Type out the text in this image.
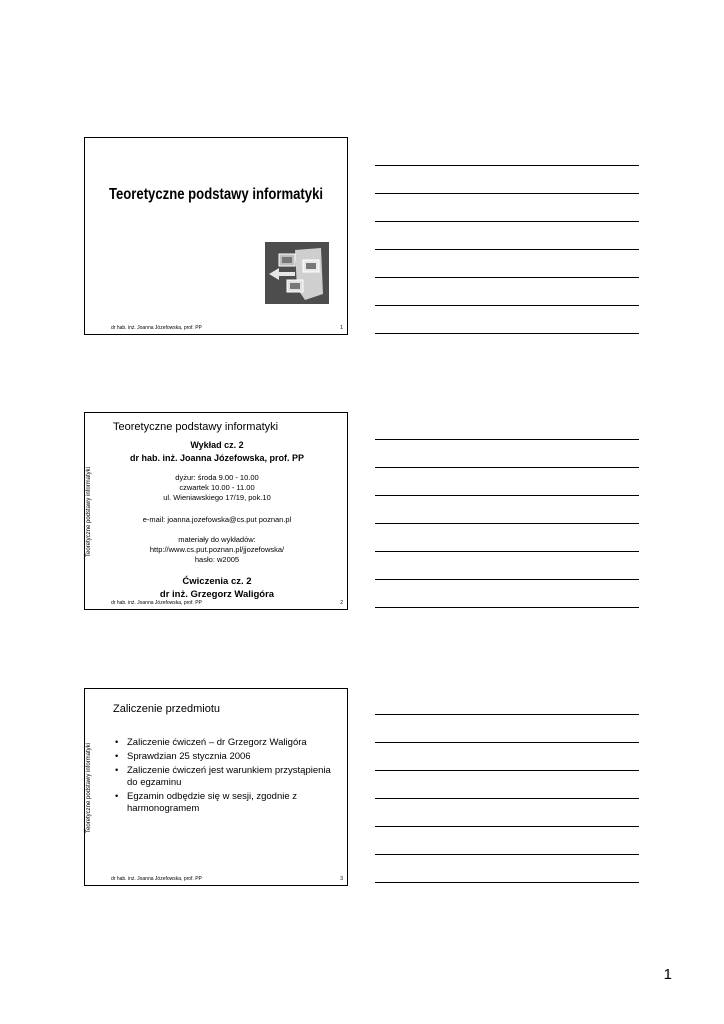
Teoretyczne podstawy informatyki
dr hab. inż. Joanna Józefowska, prof. PP	1
Teoretyczne podstawy informatyki
Teoretyczne podstawy informatyki
Wykład cz. 2
dr hab. inż. Joanna Józefowska, prof. PP
dyżur: środa 9.00 - 10.00
czwartek 10.00 - 11.00
ul. Wieniawskiego 17/19, pok.10
e-mail: joanna.jozefowska@cs.put poznan.pl
materiały do wykładów:
http://www.cs.put.poznan.pl/jjozefowska/
hasło: w2005
Ćwiczenia cz. 2
dr inż. Grzegorz Waligóra
dr hab. inż. Joanna Józefowska, prof. PP	2
Teoretyczne podstawy informatyki
Zaliczenie przedmiotu
• Zaliczenie ćwiczeń – dr Grzegorz Waligóra
• Sprawdzian 25 stycznia 2006
• Zaliczenie ćwiczeń jest warunkiem przystąpienia do egzaminu
• Egzamin odbędzie się w sesji, zgodnie z harmonogramem
dr hab. inż. Joanna Józefowska, prof. PP	3
1
